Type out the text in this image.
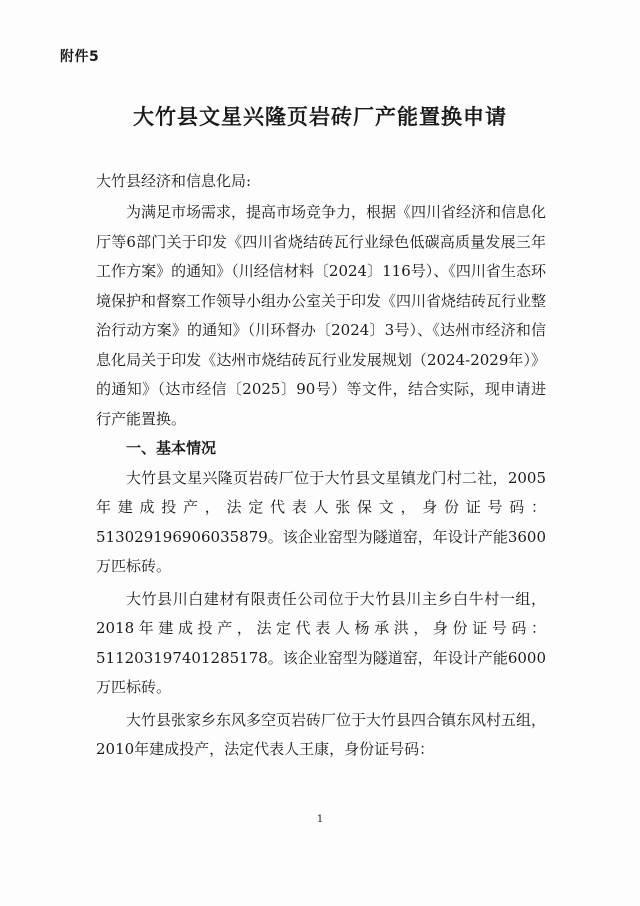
附件5
大竹县文星兴隆页岩砖厂产能置换申请
大竹县经济和信息化局:

为满足市场需求，提高市场竞争力，根据《四川省经济和信息化厅等6部门关于印发《四川省烧结砖瓦行业绿色低碳高质量发展三年工作方案》的通知》（川经信材料〔2024〕116号）、《四川省生态环境保护和督察工作领导小组办公室关于印发《四川省烧结砖瓦行业整治行动方案》的通知》（川环督办〔2024〕3号）、《达州市经济和信息化局关于印发《达州市烧结砖瓦行业发展规划（2024-2029年）》的通知》（达市经信〔2025〕90号）等文件，结合实际，现申请进行产能置换。

一、基本情况

大竹县文星兴隆页岩砖厂位于大竹县文星镇龙门村二社，2005年建成投产，法定代表人张保文，身份证号码：513029196906035879。该企业窑型为隧道窑，年设计产能3600万匹标砖。

大竹县川白建材有限责任公司位于大竹县川主乡白牛村一组，2018年建成投产，法定代表人杨承洪，身份证号码：511203197401285178。该企业窑型为隧道窑，年设计产能6000万匹标砖。

大竹县张家乡东风多空页岩砖厂位于大竹县四合镇东风村五组，2010年建成投产，法定代表人王康，身份证号码：

1
